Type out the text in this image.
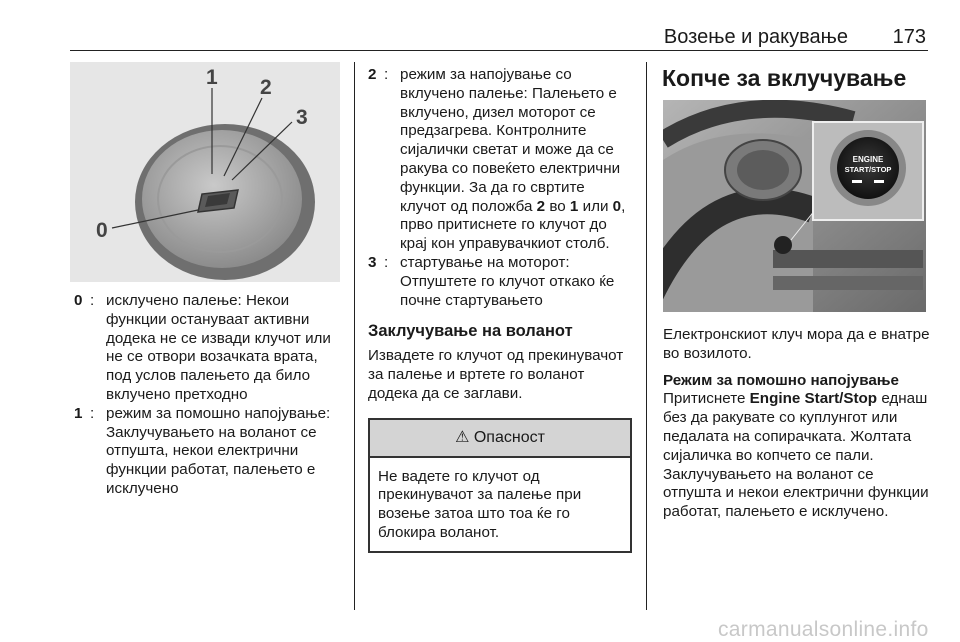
Возење и ракување 173
0
1 2
3
0 : исклучено палење: Некои функции остануваат активни додека не се извади клучот или не се отвори возачката врата, под услов палењето да било вклучено претходно
1 : режим за помошно напојување: Заклучувањето на воланот се отпушта, некои електрични функции работат, палењето е исклучено
2 : режим за напојување со вклучено палење: Палењето е вклучено, дизел моторот се предзагрева. Контролните сијалички светат и може да се ракува со повеќето електрични функции. За да го свртите клучот од положба 2 во 1 или 0, прво притиснете го клучот до крај кон управувачкиот столб.
3 : стартување на моторот: Отпуштете го клучот откако ќе почне стартувањето
Заклучување на воланот
Извадете го клучот од прекинувачот за палење и вртете го воланот додека да се заглави.
⚠ Опасност
Не вадете го клучот од прекинувачот за палење при возење затоа што тоа ќе го блокира воланот.
Копче за вклучување
ENGINE
START/STOP
Електронскиот клуч мора да е внатре во возилото.
Режим за помошно напојување
Притиснете Engine Start/Stop еднаш без да ракувате со куплунгот или педалата на сопирачката. Жолтата сијаличка во копчето се пали. Заклучувањето на воланот се отпушта и некои електрични функции работат, палењето е исклучено.
carmanualsonline.info
